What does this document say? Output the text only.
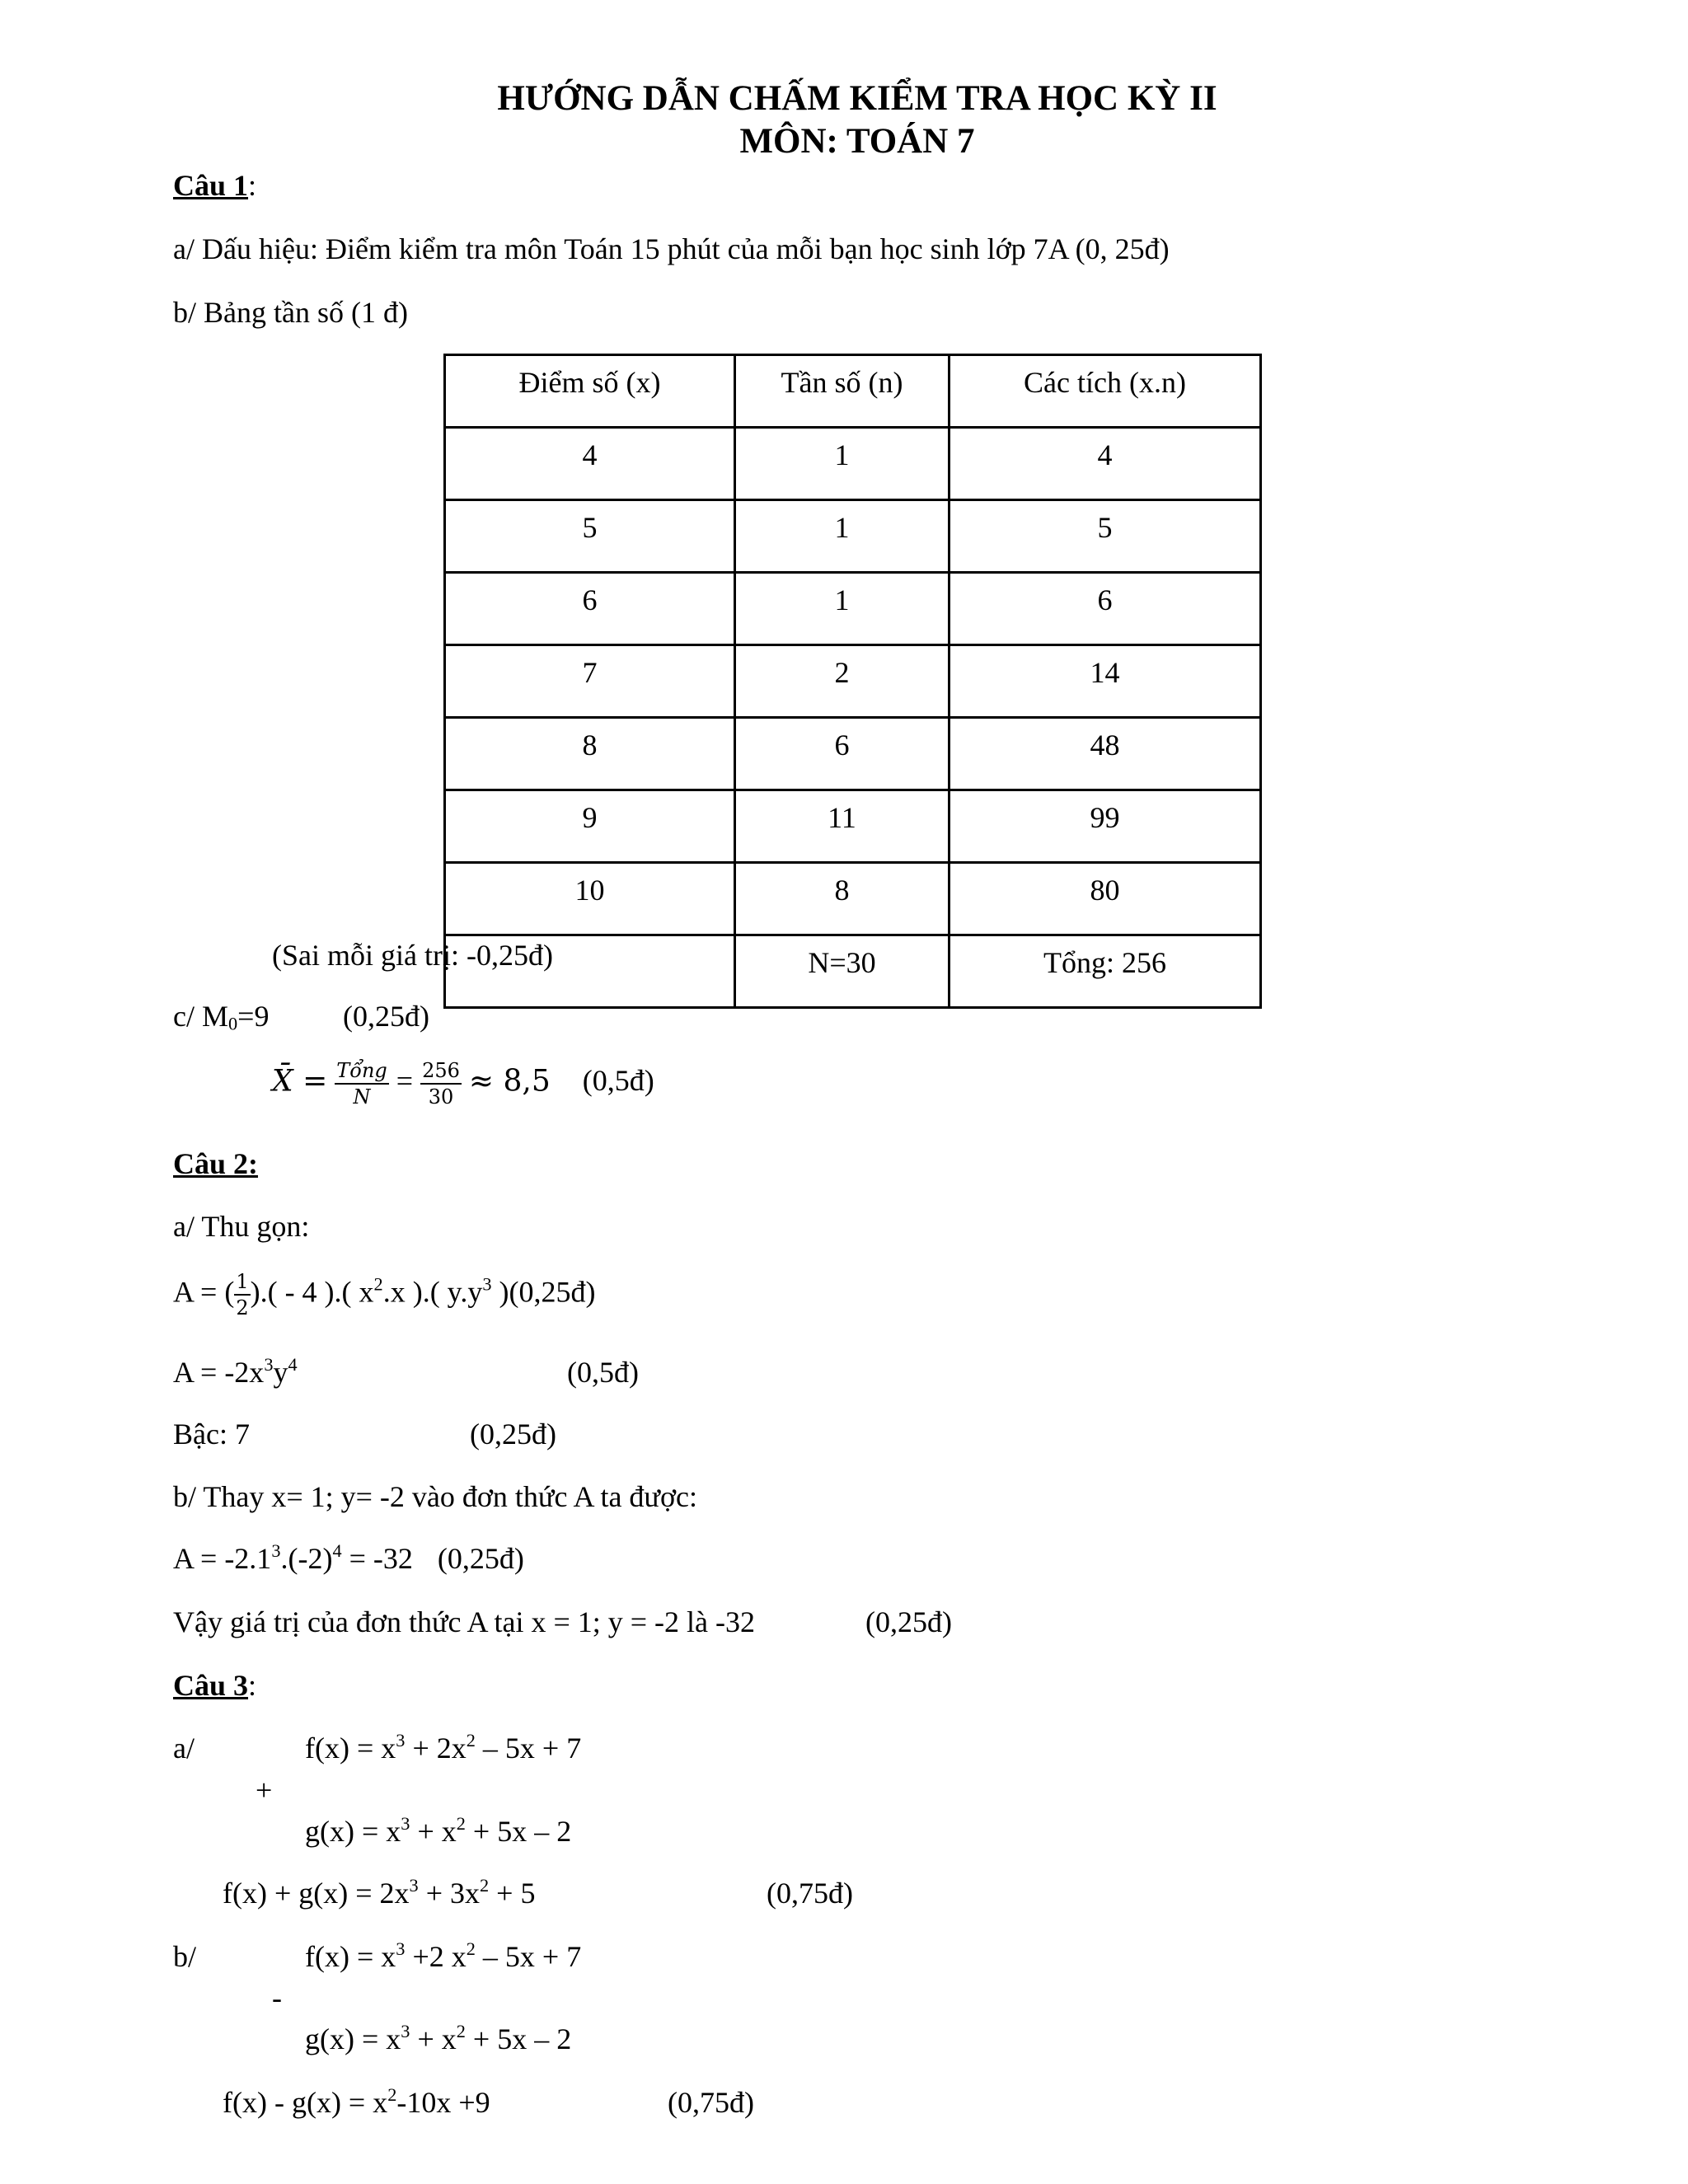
HƯỚNG DẪN CHẤM KIỂM TRA HỌC KỲ II
MÔN: TOÁN 7
Câu 1:
a/ Dấu hiệu: Điểm kiểm tra môn Toán 15 phút của mỗi bạn học sinh lớp 7A (0, 25đ)
b/ Bảng tần số (1 đ)
Điểm số (x)	Tần số (n)	Các tích (x.n)
4	1	4
5	1	5
6	1	6
7	2	14
8	6	48
9	11	99
10	8	80
	N=30	Tổng: 256
(Sai mỗi giá trị: -0,25đ)
c/ $M_0=9$ (0,25đ)
X̄ = $\frac{\text{Tổng}}{N} = \frac{256}{30} \approx 8,5$ (0,5đ)
Câu 2:
a/ Thu gọn:
A = ( $\frac{1}{2}$ ).( - 4 ).( $x^2.x$ ).( $y.y^3$ )(0,25đ)
$A = -2x^3y^4$	(0,5đ)
Bậc: 7	(0,25đ)
b/ Thay x= 1; y= -2 vào đơn thức A ta được:
$A = -2.1^3.(-2)^4 = -32$ (0,25đ)
Vậy giá trị của đơn thức A tại x = 1; y = -2 là -32	(0,25đ)
Câu 3:
a/	$f(x) = x^3 + 2x^2 - 5x + 7$
+
$g(x) = x^3 + x^2 + 5x - 2$
$f(x) + g(x) = 2x^3 + 3x^2 + 5$	(0,75đ)
b/	$f(x) = x^3 +2$ $x^2 - 5x + 7$
-
$g(x) = x^3 + x^2 + 5x - 2$
$f(x) - g(x) = x^2-10x +9$	(0,75đ)
